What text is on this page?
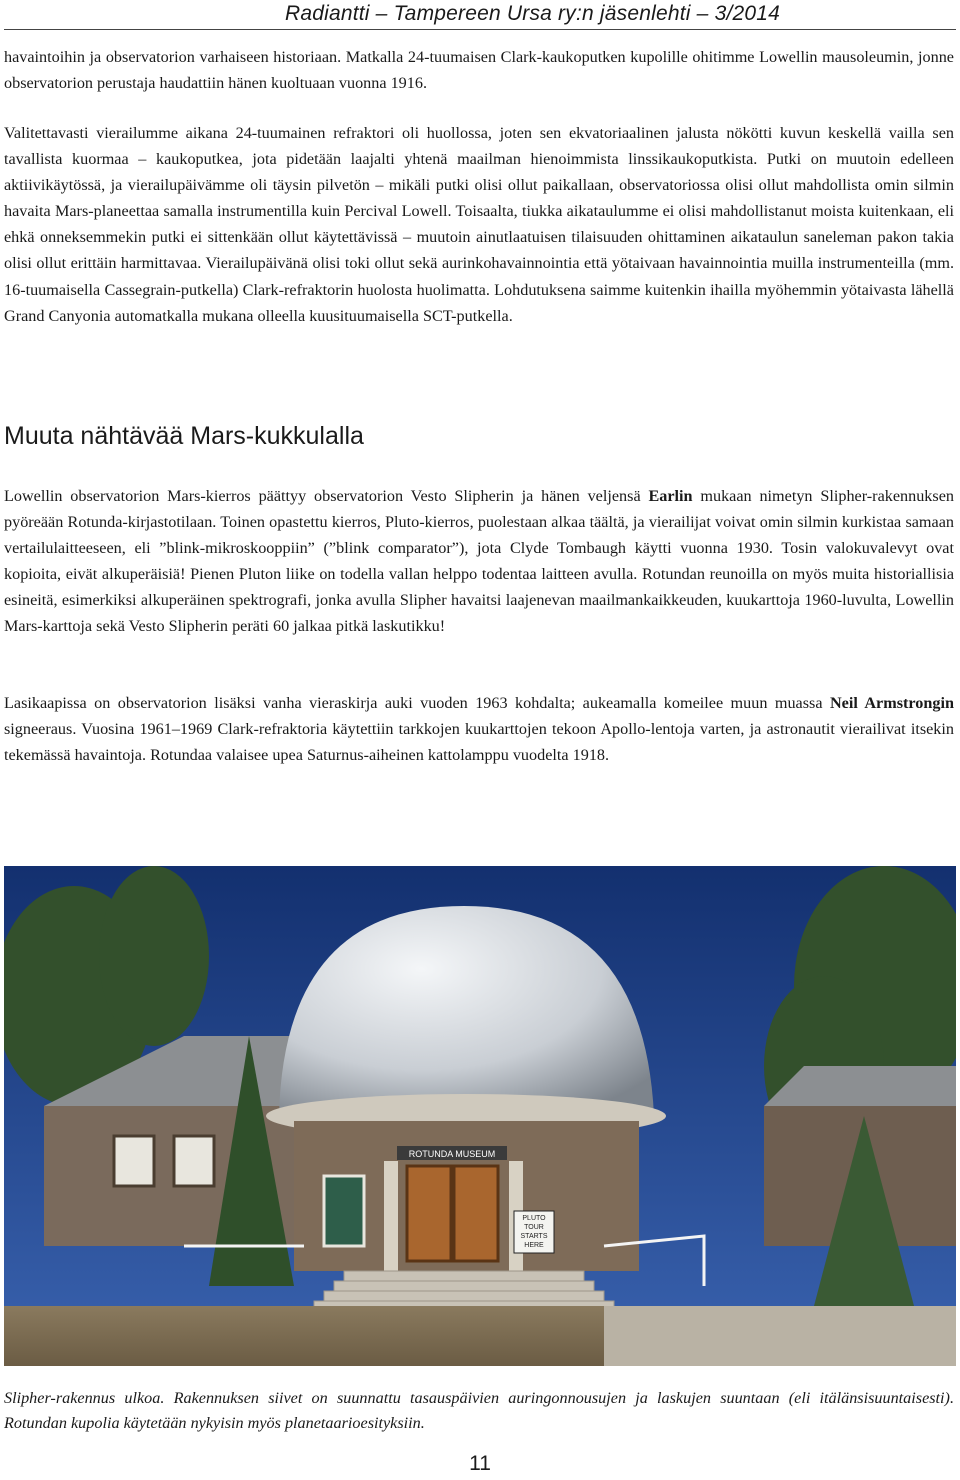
Radiantti – Tampereen Ursa ry:n jäsenlehti – 3/2014

havaintoihin ja observatorion varhaiseen historiaan. Matkalla 24-tuumaisen Clark-kaukoputken kupolille ohitimme Lowellin mausoleumin, jonne observatorion perustaja haudattiin hänen kuoltuaan vuonna 1916.

Valitettavasti vierailumme aikana 24-tuumainen refraktori oli huollossa, joten sen ekvatoriaalinen jalusta nökötti kuvun keskellä vailla sen tavallista kuormaa – kaukoputkea, jota pidetään laajalti yhtenä maailman hienoimmista linssikaukoputkista. Putki on muutoin edelleen aktiivikäytössä, ja vierailupäivämme oli täysin pilvetön – mikäli putki olisi ollut paikallaan, observatoriossa olisi ollut mahdollista omin silmin havaita Mars-planeettaa samalla instrumentilla kuin Percival Lowell. Toisaalta, tiukka aikataulumme ei olisi mahdollistanut moista kuitenkaan, eli ehkä onneksemmekin putki ei sittenkään ollut käytettävissä – muutoin ainutlaatuisen tilaisuuden ohittaminen aikataulun saneleman pakon takia olisi ollut erittäin harmittavaa. Vierailupäivänä olisi toki ollut sekä aurinkohavainnointia että yötaivaan havainnointia muilla instrumenteilla (mm. 16-tuumaisella Cassegrain-putkella) Clark-refraktorin huolosta huolimatta. Lohdutuksena saimme kuitenkin ihailla myöhemmin yötaivasta lähellä Grand Canyonia automatkalla mukana olleella kuusituumaisella SCT-putkella.

Muuta nähtävää Mars-kukkulalla

Lowellin observatorion Mars-kierros päättyy observatorion Vesto Slipherin ja hänen veljensä Earlin mukaan nimetyn Slipher-rakennuksen pyöreään Rotunda-kirjastotilaan. Toinen opastettu kierros, Pluto-kierros, puolestaan alkaa täältä, ja vierailijat voivat omin silmin kurkistaa samaan vertailulaitteeseen, eli ”blink-mikroskooppiin” (”blink comparator”), jota Clyde Tombaugh käytti vuonna 1930. Tosin valokuvalevyt ovat kopioita, eivät alkuperäisiä! Pienen Pluton liike on todella vallan helppo todentaa laitteen avulla. Rotundan reunoilla on myös muita historiallisia esineitä, esimerkiksi alkuperäinen spektrografi, jonka avulla Slipher havaitsi laajenevan maailmankaikkeuden, kuukarttoja 1960-luvulta, Lowellin Mars-karttoja sekä Vesto Slipherin peräti 60 jalkaa pitkä laskutikku!

Lasikaapissa on observatorion lisäksi vanha vieraskirja auki vuoden 1963 kohdalta; aukeamalla komeilee muun muassa Neil Armstrongin signeeraus. Vuosina 1961–1969 Clark-refraktoria käytettiin tarkkojen kuukarttojen tekoon Apollo-lentoja varten, ja astronautit vierailivat itsekin tekemässä havaintoja. Rotundaa valaisee upea Saturnus-aiheinen kattolamppu vuodelta 1918.

ROTUNDA MUSEUM
PLUTO
TOUR
STARTS
HERE

Slipher-rakennus ulkoa. Rakennuksen siivet on suunnattu tasauspäivien auringonnousujen ja laskujen suuntaan (eli itälänsisuuntaisesti). Rotundan kupolia käytetään nykyisin myös planetaarioesityksiin.

11
